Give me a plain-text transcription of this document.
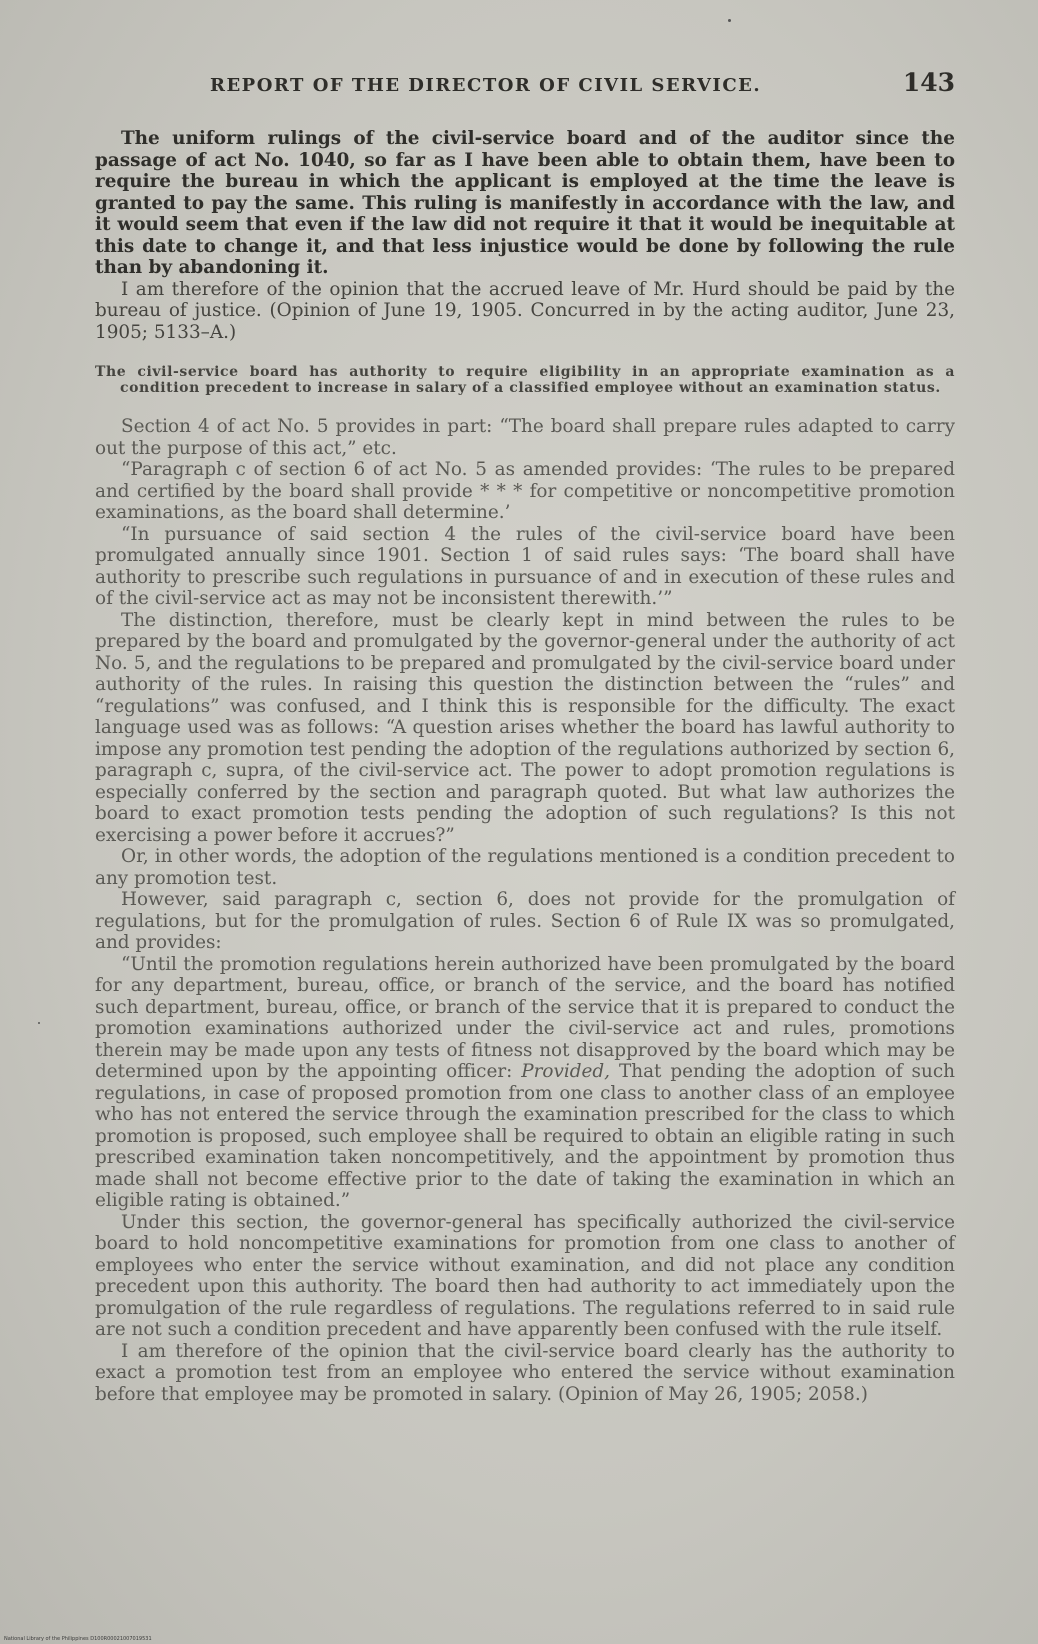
REPORT OF THE DIRECTOR OF CIVIL SERVICE.	143

The uniform rulings of the civil-service board and of the auditor since the passage of act No. 1040, so far as I have been able to obtain them, have been to require the bureau in which the applicant is employed at the time the leave is granted to pay the same. This ruling is manifestly in accordance with the law, and it would seem that even if the law did not require it that it would be inequitable at this date to change it, and that less injustice would be done by following the rule than by abandoning it.

I am therefore of the opinion that the accrued leave of Mr. Hurd should be paid by the bureau of justice. (Opinion of June 19, 1905. Concurred in by the acting auditor, June 23, 1905; 5133–A.)

The civil-service board has authority to require eligibility in an appropriate examination as a condition precedent to increase in salary of a classified employee without an examination status.

Section 4 of act No. 5 provides in part: “The board shall prepare rules adapted to carry out the purpose of this act,” etc.

“Paragraph c of section 6 of act No. 5 as amended provides: ‘The rules to be prepared and certified by the board shall provide * * * for competitive or noncompetitive promotion examinations, as the board shall determine.’

“In pursuance of said section 4 the rules of the civil-service board have been promulgated annually since 1901. Section 1 of said rules says: ‘The board shall have authority to prescribe such regulations in pursuance of and in execution of these rules and of the civil-service act as may not be inconsistent therewith.’”

The distinction, therefore, must be clearly kept in mind between the rules to be prepared by the board and promulgated by the governor-general under the authority of act No. 5, and the regulations to be prepared and promulgated by the civil-service board under authority of the rules. In raising this question the distinction between the “rules” and “regulations” was confused, and I think this is responsible for the difficulty. The exact language used was as follows: “A question arises whether the board has lawful authority to impose any promotion test pending the adoption of the regulations authorized by section 6, paragraph c, supra, of the civil-service act. The power to adopt promotion regulations is especially conferred by the section and paragraph quoted. But what law authorizes the board to exact promotion tests pending the adoption of such regulations? Is this not exercising a power before it accrues?”

Or, in other words, the adoption of the regulations mentioned is a condition precedent to any promotion test.

However, said paragraph c, section 6, does not provide for the promulgation of regulations, but for the promulgation of rules. Section 6 of Rule IX was so promulgated, and provides:

“Until the promotion regulations herein authorized have been promulgated by the board for any department, bureau, office, or branch of the service, and the board has notified such department, bureau, office, or branch of the service that it is prepared to conduct the promotion examinations authorized under the civil-service act and rules, promotions therein may be made upon any tests of fitness not disapproved by the board which may be determined upon by the appointing officer: Provided, That pending the adoption of such regulations, in case of proposed promotion from one class to another class of an employee who has not entered the service through the examination prescribed for the class to which promotion is proposed, such employee shall be required to obtain an eligible rating in such prescribed examination taken noncompetitively, and the appointment by promotion thus made shall not become effective prior to the date of taking the examination in which an eligible rating is obtained.”

Under this section, the governor-general has specifically authorized the civil-service board to hold noncompetitive examinations for promotion from one class to another of employees who enter the service without examination, and did not place any condition precedent upon this authority. The board then had authority to act immediately upon the promulgation of the rule regardless of regulations. The regulations referred to in said rule are not such a condition precedent and have apparently been confused with the rule itself.

I am therefore of the opinion that the civil-service board clearly has the authority to exact a promotion test from an employee who entered the service without examination before that employee may be promoted in salary. (Opinion of May 26, 1905; 2058.)

National Library of the Philippines D100R00021007019531
